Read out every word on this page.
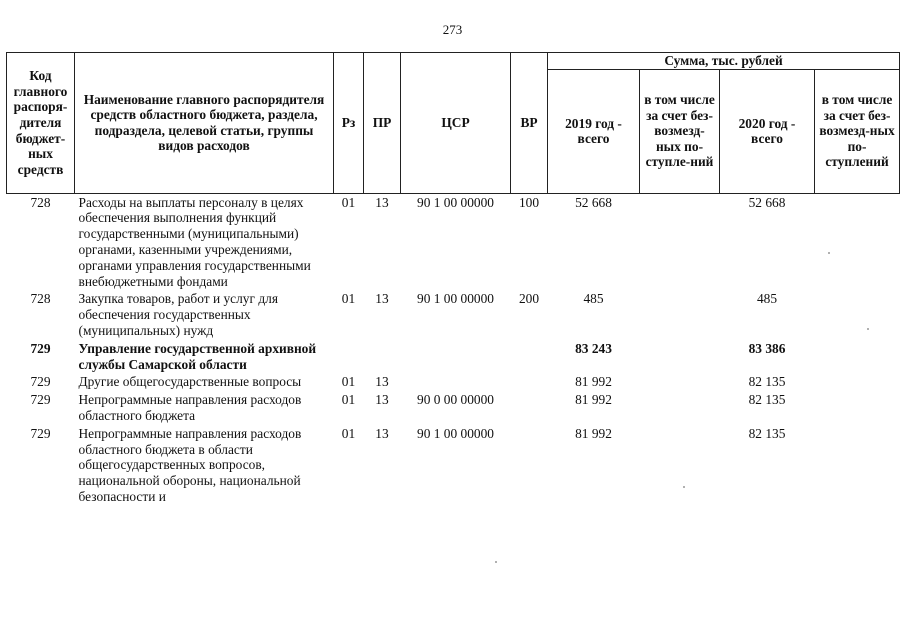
273
Код главного распоря-дителя бюджет-ных средств	Наименование главного распорядителя средств областного бюджета, раздела, подраздела, целевой статьи, группы видов расходов	Рз	ПР	ЦСР	ВР	Сумма, тыс. рублей			
						2019 год - всего	в том числе за счет без-возмезд-ных по-ступле-ний	2020 год - всего	в том числе за счет без-возмезд-ных по-ступлений
728	Расходы на выплаты персоналу в целях обеспечения выполнения функций государственными (муниципальными) органами, казенными учреждениями, органами управления государственными внебюджетными фондами	01	13	90 1 00 00000	100	52 668		52 668	
728	Закупка товаров, работ и услуг для обеспечения государственных (муниципальных) нужд	01	13	90 1 00 00000	200	485		485	
729	Управление государственной архивной службы Самарской области					83 243		83 386	
729	Другие общегосударственные вопросы	01	13			81 992		82 135	
729	Непрограммные направления расходов областного бюджета	01	13	90 0 00 00000		81 992		82 135	
729	Непрограммные направления расходов областного бюджета в области общегосударственных вопросов, национальной обороны, национальной безопасности и	01	13	90 1 00 00000		81 992		82 135	
